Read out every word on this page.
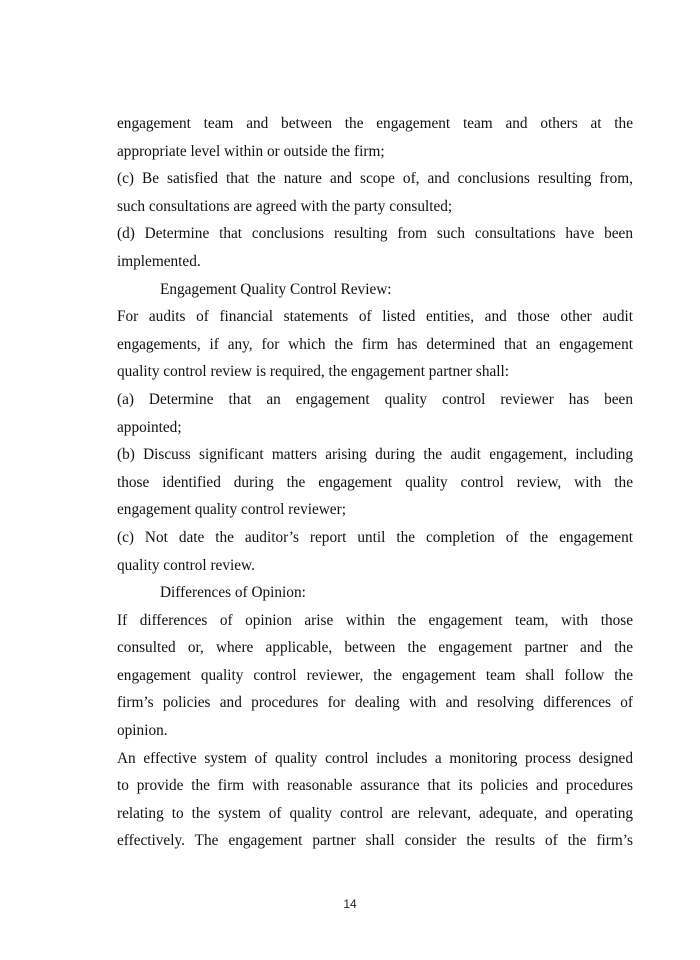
engagement team and between the engagement team and others at the
appropriate level within or outside the firm;
(c) Be satisfied that the nature and scope of, and conclusions resulting from,
such consultations are agreed with the party consulted;
(d) Determine that conclusions resulting from such consultations have been
implemented.
Engagement Quality Control Review:
For audits of financial statements of listed entities, and those other audit
engagements, if any, for which the firm has determined that an engagement
quality control review is required, the engagement partner shall:
(a) Determine that an engagement quality control reviewer has been
appointed;
(b) Discuss significant matters arising during the audit engagement, including
those identified during the engagement quality control review, with the
engagement quality control reviewer;
(c) Not date the auditor’s report until the completion of the engagement
quality control review.
Differences of Opinion:
If differences of opinion arise within the engagement team, with those
consulted or, where applicable, between the engagement partner and the
engagement quality control reviewer, the engagement team shall follow the
firm’s policies and procedures for dealing with and resolving differences of
opinion.
An effective system of quality control includes a monitoring process designed
to provide the firm with reasonable assurance that its policies and procedures
relating to the system of quality control are relevant, adequate, and operating
effectively. The engagement partner shall consider the results of the firm’s
14
